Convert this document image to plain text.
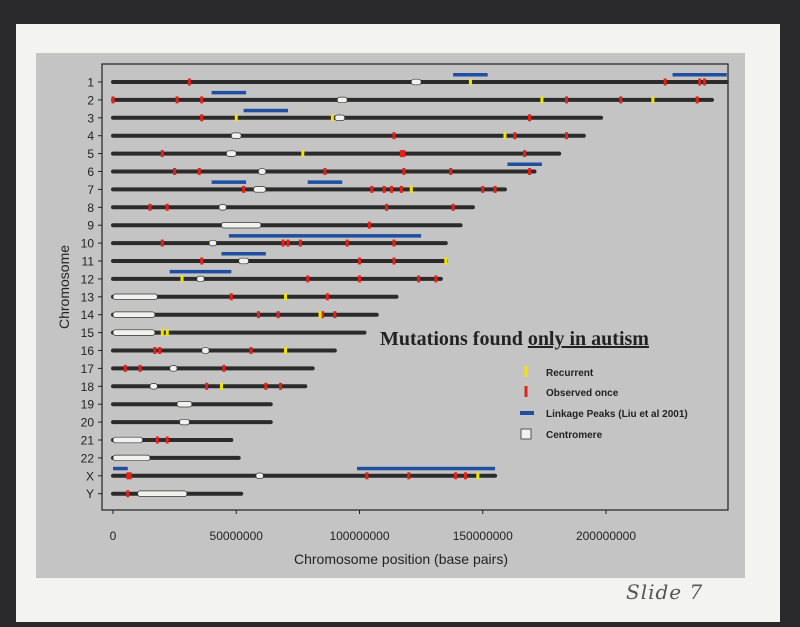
1
2
3
4
5
6
7
8
9
10
11
12
13
14
15
16
17
18
19
20
21
22
X
Y
0	50000000	100000000	150000000	200000000
Chromosome
Chromosome position (base pairs)
Mutations found only in autism
Recurrent
Observed once
Linkage Peaks (Liu et al 2001)
Centromere
Slide 7
